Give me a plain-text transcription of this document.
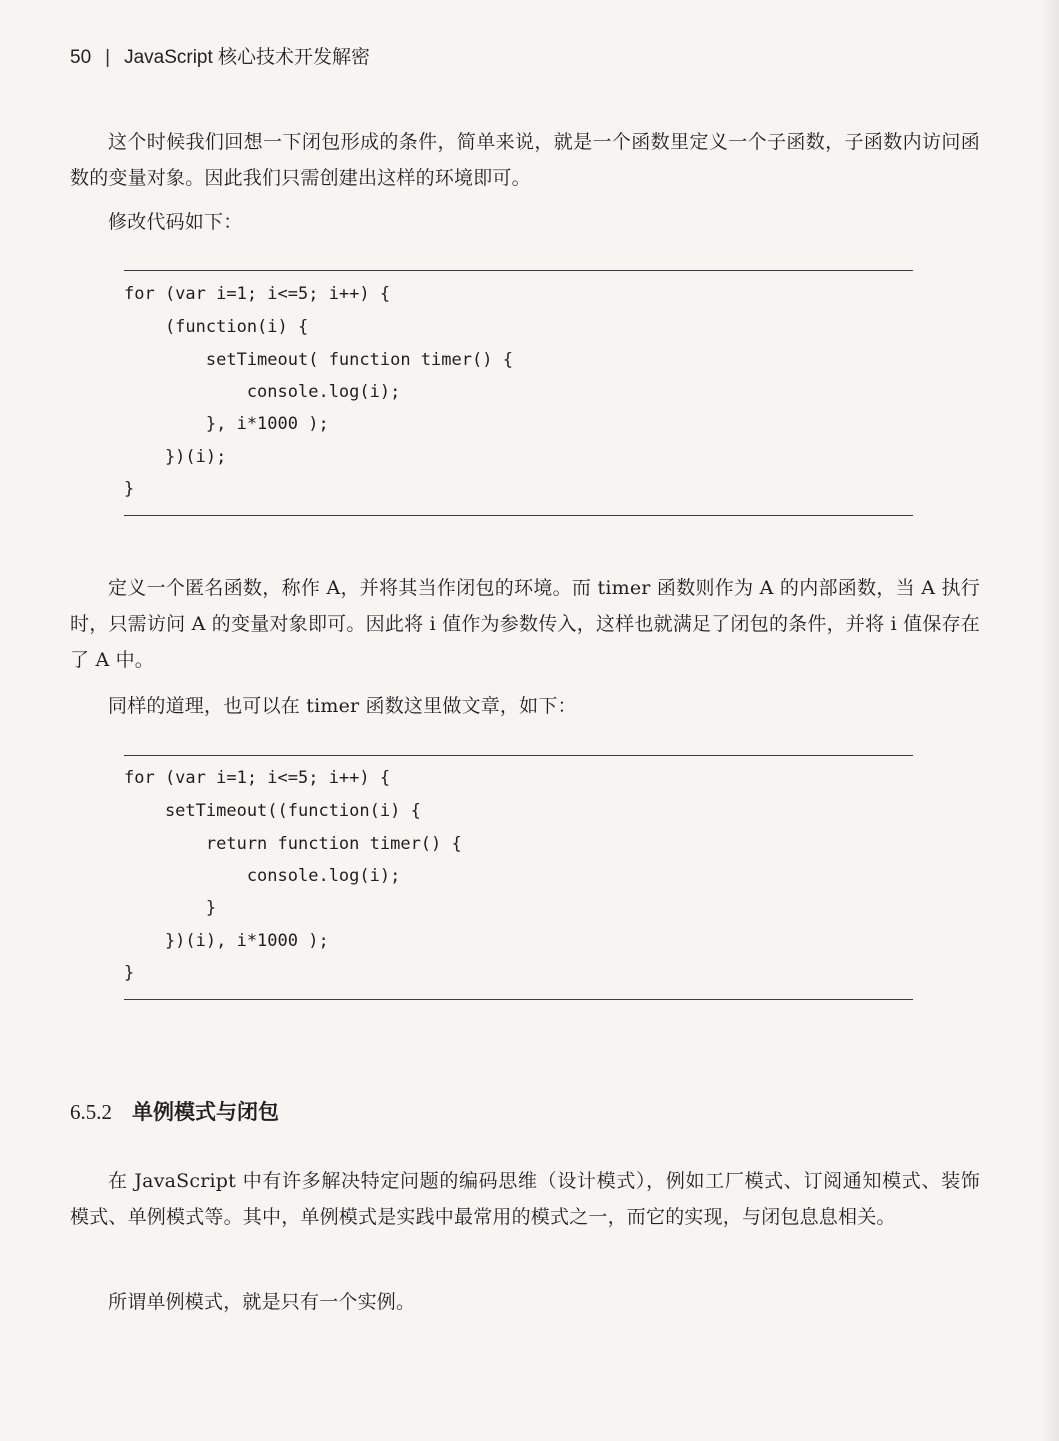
50 | JavaScript 核心技术开发解密

这个时候我们回想一下闭包形成的条件，简单来说，就是一个函数里定义一个子函数，子函数内访问函数的变量对象。因此我们只需创建出这样的环境即可。

修改代码如下：

for (var i=1; i<=5; i++) {
(function(i) {
setTimeout( function timer() {
console.log(i);
}, i*1000 );
})(i);
}

定义一个匿名函数，称作 A，并将其当作闭包的环境。而 timer 函数则作为 A 的内部函数，当 A 执行时，只需访问 A 的变量对象即可。因此将 i 值作为参数传入，这样也就满足了闭包的条件，并将 i 值保存在了 A 中。

同样的道理，也可以在 timer 函数这里做文章，如下：

for (var i=1; i<=5; i++) {
setTimeout((function(i) {
return function timer() {
console.log(i);
}
})(i), i*1000 );
}
6.5.2 单例模式与闭包

在 JavaScript 中有许多解决特定问题的编码思维（设计模式），例如工厂模式、订阅通知模式、装饰模式、单例模式等。其中，单例模式是实践中最常用的模式之一，而它的实现，与闭包息息相关。

所谓单例模式，就是只有一个实例。
